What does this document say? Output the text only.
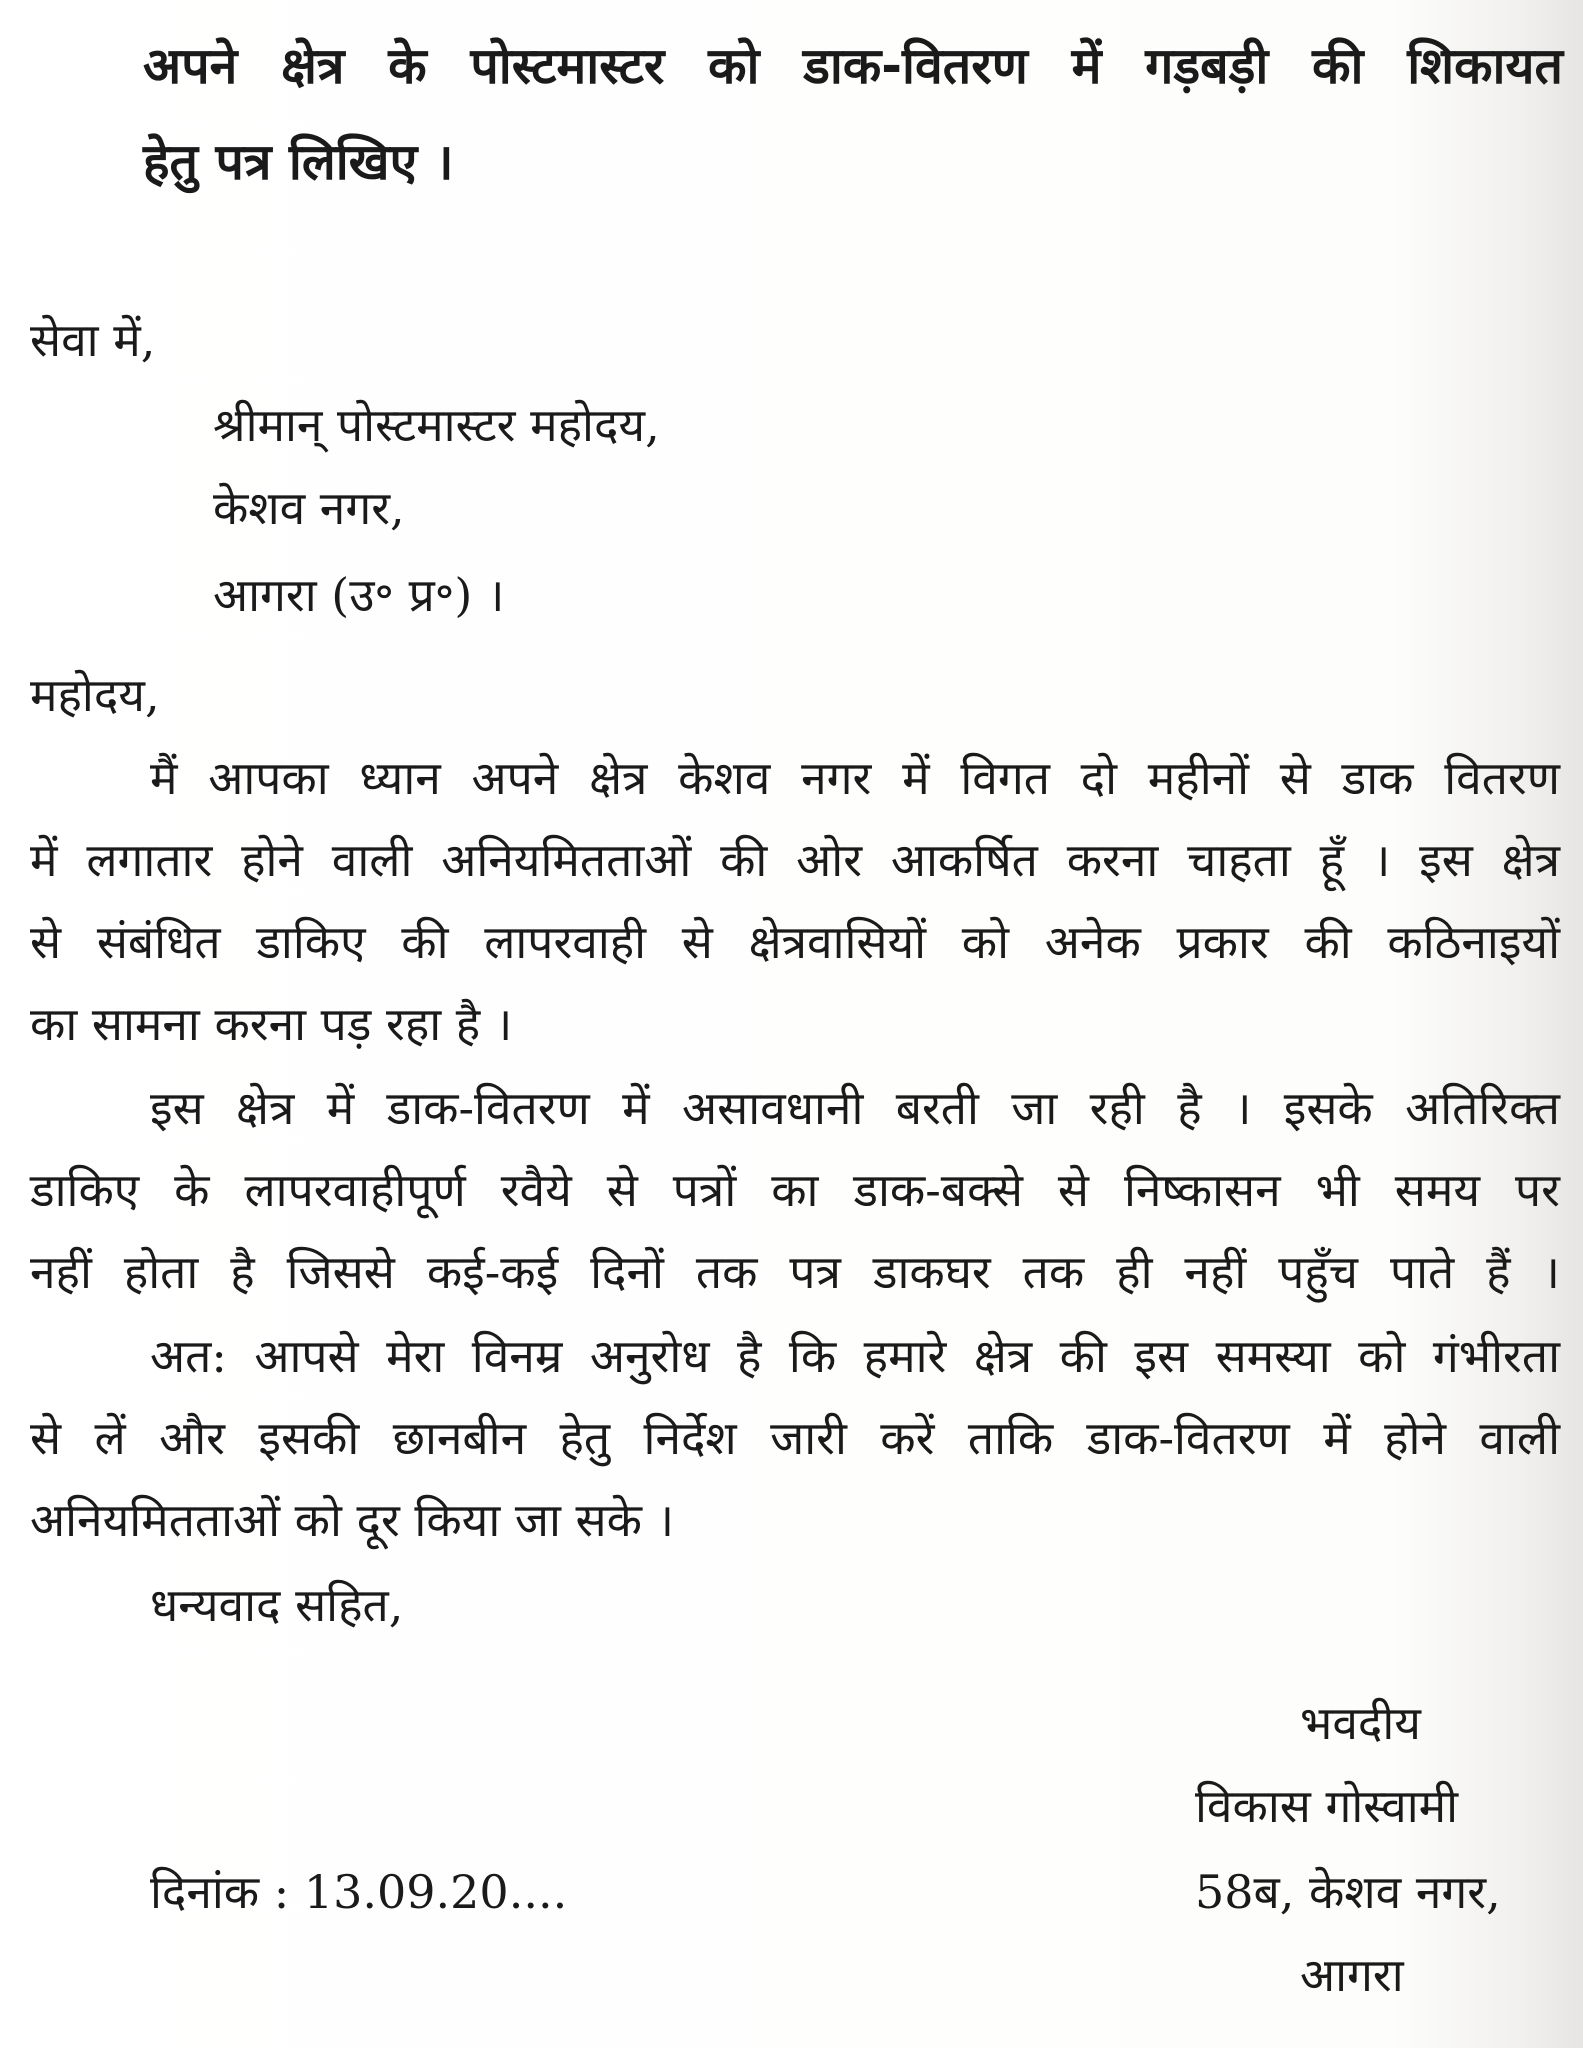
अपने क्षेत्र के पोस्टमास्टर को डाक-वितरण में गड़बड़ी की शिकायत
हेतु पत्र लिखिए ।
सेवा में,
श्रीमान् पोस्टमास्टर महोदय,
केशव नगर,
आगरा (उ॰ प्र॰) ।
महोदय,
मैं आपका ध्यान अपने क्षेत्र केशव नगर में विगत दो महीनों से डाक वितरण
में लगातार होने वाली अनियमितताओं की ओर आकर्षित करना चाहता हूँ । इस क्षेत्र
से संबंधित डाकिए की लापरवाही से क्षेत्रवासियों को अनेक प्रकार की कठिनाइयों
का सामना करना पड़ रहा है ।
इस क्षेत्र में डाक-वितरण में असावधानी बरती जा रही है । इसके अतिरिक्त
डाकिए के लापरवाहीपूर्ण रवैये से पत्रों का डाक-बक्से से निष्कासन भी समय पर
नहीं होता है जिससे कई-कई दिनों तक पत्र डाकघर तक ही नहीं पहुँच पाते हैं ।
अत: आपसे मेरा विनम्र अनुरोध है कि हमारे क्षेत्र की इस समस्या को गंभीरता
से लें और इसकी छानबीन हेतु निर्देश जारी करें ताकि डाक-वितरण में होने वाली
अनियमितताओं को दूर किया जा सके ।
धन्यवाद सहित,
भवदीय
विकास गोस्वामी
58ब, केशव नगर,
आगरा
दिनांक : 13.09.20....
